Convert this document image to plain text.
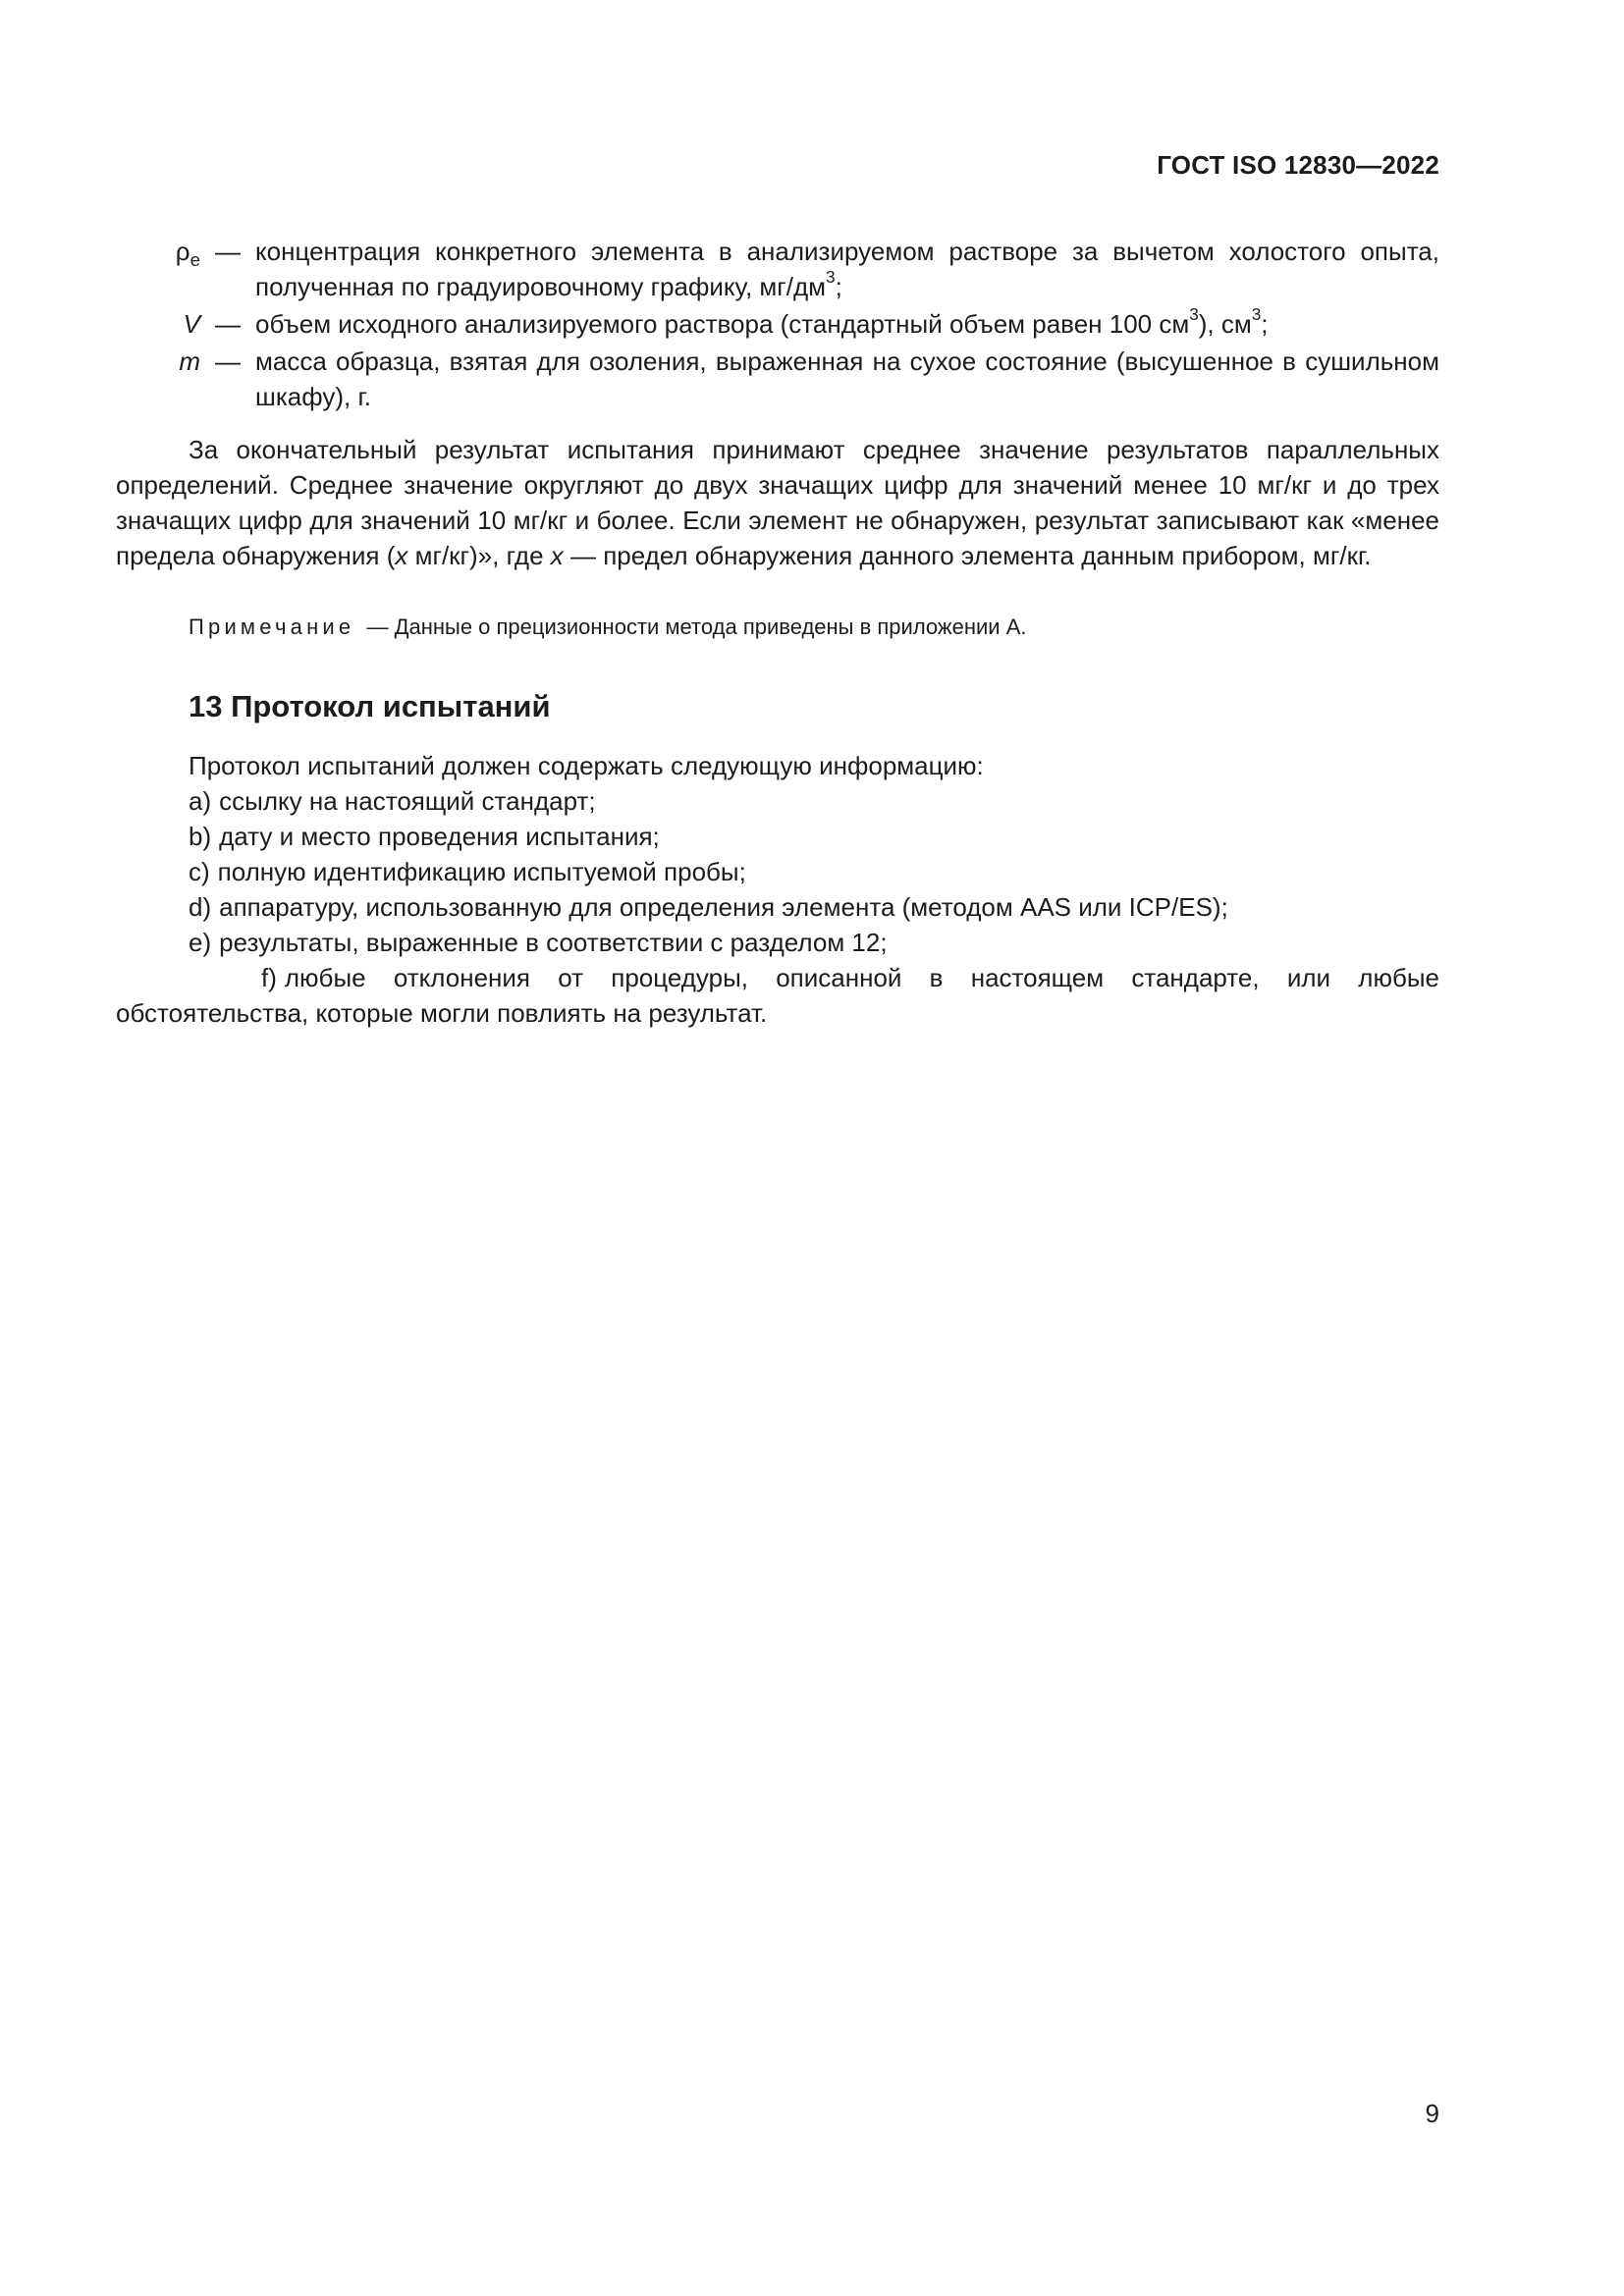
ГОСТ ISO 12830—2022
$\rho_e$ — концентрация конкретного элемента в анализируемом растворе за вычетом холостого опыта, полученная по градуировочному графику, $мг/дм^3$;
V — объем исходного анализируемого раствора (стандартный объем равен 100 $см^3$), $см^3$;
m — масса образца, взятая для озоления, выраженная на сухое состояние (высушенное в сушильном шкафу), г.
За окончательный результат испытания принимают среднее значение результатов параллельных определений. Среднее значение округляют до двух значащих цифр для значений менее 10 мг/кг и до трех значащих цифр для значений 10 мг/кг и более. Если элемент не обнаружен, результат записывают как «менее предела обнаружения (x мг/кг)», где x — предел обнаружения данного элемента данным прибором, мг/кг.
Примечание — Данные о прецизионности метода приведены в приложении А.
13 Протокол испытаний
Протокол испытаний должен содержать следующую информацию:
a) ссылку на настоящий стандарт;
b) дату и место проведения испытания;
c) полную идентификацию испытуемой пробы;
d) аппаратуру, использованную для определения элемента (методом AAS или ICP/ES);
e) результаты, выраженные в соответствии с разделом 12;
f) любые отклонения от процедуры, описанной в настоящем стандарте, или любые обстоятельства, которые могли повлиять на результат.
9
